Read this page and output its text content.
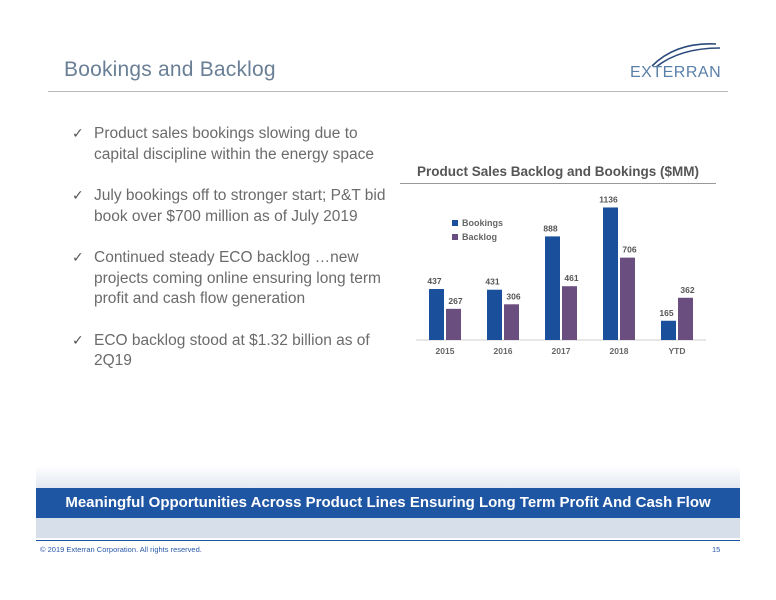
Bookings and Backlog	EXTERRAN
✓ Product sales bookings slowing due to capital discipline within the energy space
✓ July bookings off to stronger start; P&T bid book over $700 million as of July 2019
✓ Continued steady ECO backlog …new projects coming online ensuring long term profit and cash flow generation
✓ ECO backlog stood at $1.32 billion as of 2Q19
Product Sales Backlog and Bookings ($MM)
437
267
2015
431
306
2016
888
461
2017
1136
706
2018
165
362
YTD
Bookings
Backlog
Meaningful Opportunities Across Product Lines Ensuring Long Term Profit And Cash Flow
© 2019 Exterran Corporation. All rights reserved.	15
